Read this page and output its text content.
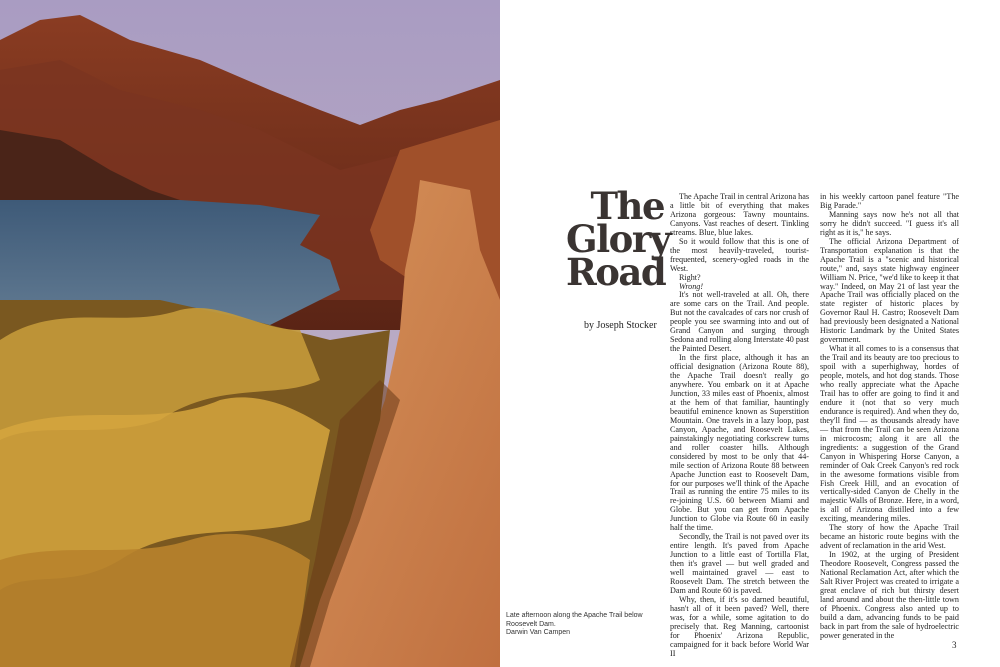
Late afternoon along the Apache Trail below Roosevelt Dam.
Darwin Van Campen
The
Glory
Road
by Joseph Stocker

The Apache Trail in central Arizona has a little bit of everything that makes Arizona gorgeous: Tawny mountains. Canyons. Vast reaches of desert. Tinkling streams. Blue, blue lakes.

So it would follow that this is one of the most heavily-traveled, tourist-frequented, scenery-ogled roads in the West.

Right?

Wrong!

It's not well-traveled at all. Oh, there are some cars on the Trail. And people. But not the cavalcades of cars nor crush of people you see swarming into and out of Grand Canyon and surging through Sedona and rolling along Interstate 40 past the Painted Desert.

In the first place, although it has an official designation (Arizona Route 88), the Apache Trail doesn't really go anywhere. You embark on it at Apache Junction, 33 miles east of Phoenix, almost at the hem of that familiar, hauntingly beautiful eminence known as Superstition Mountain. One travels in a lazy loop, past Canyon, Apache, and Roosevelt Lakes, painstakingly negotiating corkscrew turns and roller coaster hills. Although considered by most to be only that 44-mile section of Arizona Route 88 between Apache Junction east to Roosevelt Dam, for our purposes we'll think of the Apache Trail as running the entire 75 miles to its re-joining U.S. 60 between Miami and Globe. But you can get from Apache Junction to Globe via Route 60 in easily half the time.

Secondly, the Trail is not paved over its entire length. It's paved from Apache Junction to a little east of Tortilla Flat, then it's gravel — but well graded and well maintained gravel — east to Roosevelt Dam. The stretch between the Dam and Route 60 is paved.

Why, then, if it's so darned beautiful, hasn't all of it been paved? Well, there was, for a while, some agitation to do precisely that. Reg Manning, cartoonist for Phoenix' Arizona Republic, campaigned for it back before World War II

in his weekly cartoon panel feature "The Big Parade."

Manning says now he's not all that sorry he didn't succeed. "I guess it's all right as it is," he says.

The official Arizona Department of Transportation explanation is that the Apache Trail is a "scenic and historical route," and, says state highway engineer William N. Price, "we'd like to keep it that way." Indeed, on May 21 of last year the Apache Trail was officially placed on the state register of historic places by Governor Raul H. Castro; Roosevelt Dam had previously been designated a National Historic Landmark by the United States government.

What it all comes to is a consensus that the Trail and its beauty are too precious to spoil with a superhighway, hordes of people, motels, and hot dog stands. Those who really appreciate what the Apache Trail has to offer are going to find it and endure it (not that so very much endurance is required). And when they do, they'll find — as thousands already have — that from the Trail can be seen Arizona in microcosm; along it are all the ingredients: a suggestion of the Grand Canyon in Whispering Horse Canyon, a reminder of Oak Creek Canyon's red rock in the awesome formations visible from Fish Creek Hill, and an evocation of vertically-sided Canyon de Chelly in the majestic Walls of Bronze. Here, in a word, is all of Arizona distilled into a few exciting, meandering miles.

The story of how the Apache Trail became an historic route begins with the advent of reclamation in the arid West.

In 1902, at the urging of President Theodore Roosevelt, Congress passed the National Reclamation Act, after which the Salt River Project was created to irrigate a great enclave of rich but thirsty desert land around and about the then-little town of Phoenix. Congress also anted up to build a dam, advancing funds to be paid back in part from the sale of hydroelectric power generated in the

3
